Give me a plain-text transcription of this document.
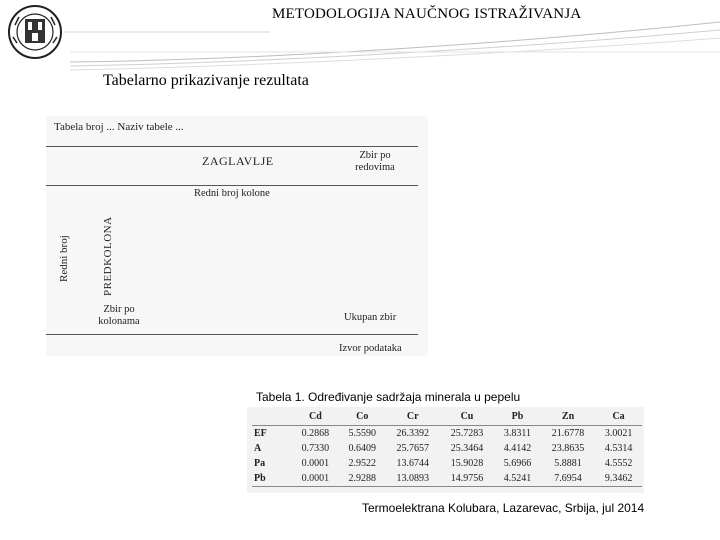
METODOLOGIJA NAUČNOG ISTRAŽIVANJA
Tabelarno prikazivanje rezultata
Tabela broj ... Naziv tabele ...
ZAGLAVLJE	Zbir po redovima
Redni broj kolone
Redni broj	PREDKOLONA
Zbir po kolonama	Ukupan zbir
Izvor podataka
Tabela 1. Određivanje sadržaja minerala u pepelu
	Cd	Co	Cr	Cu	Pb	Zn	Ca
EF	0.2868	5.5590	26.3392	25.7283	3.8311	21.6778	3.0021
A	0.7330	0.6409	25.7657	25.3464	4.4142	23.8635	4.5314
Pa	0.0001	2.9522	13.6744	15.9028	5.6966	5.8881	4.5552
Pb	0.0001	2.9288	13.0893	14.9756	4.5241	7.6954	9.3462
Termoelektrana Kolubara, Lazarevac, Srbija, jul 2014
